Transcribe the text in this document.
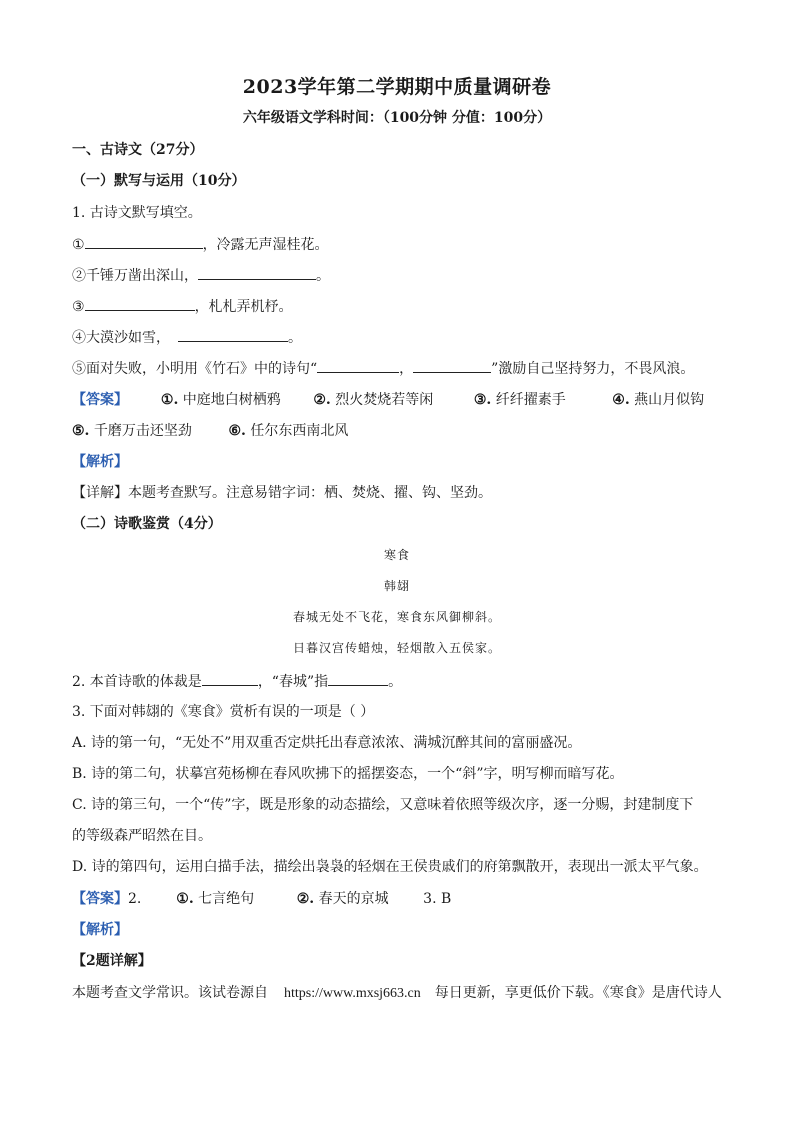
2023学年第二学期期中质量调研卷
六年级语文学科时间：（100分钟 分值：100分）
一、古诗文（27分）
（一）默写与运用（10分）
1. 古诗文默写填空。
①	，冷露无声湿桂花。
②千锤万凿出深山，	。
③	，札札弄机杼。
④大漠沙如雪，	。
⑤面对失败，小明用《竹石》中的诗句“	，	”激励自己坚持努力，不畏风浪。
【答案】 ①. 中庭地白树栖鸦 ②. 烈火焚烧若等闲	③. 纤纤擢素手	④. 燕山月似钩
⑤. 千磨万击还坚劲	⑥. 任尔东西南北风
【解析】
【详解】本题考查默写。注意易错字词：栖、焚烧、擢、钩、坚劲。
（二）诗歌鉴赏（4分）
寒食
韩翃
春城无处不飞花，寒食东风御柳斜。
日暮汉宫传蜡烛，轻烟散入五侯家。
2. 本首诗歌的体裁是	，“春城”指	。
3. 下面对韩翃的《寒食》赏析有误的一项是（ ）
A. 诗的第一句，“无处不”用双重否定烘托出春意浓浓、满城沉醉其间的富丽盛况。
B. 诗的第二句，状摹宫苑杨柳在春风吹拂下的摇摆姿态，一个“斜”字，明写柳而暗写花。
C. 诗的第三句，一个“传”字，既是形象的动态描绘，又意味着依照等级次序，逐一分赐，封建制度下
的等级森严昭然在目。
D. 诗的第四句，运用白描手法，描绘出袅袅的轻烟在王侯贵戚们的府第飘散开，表现出一派太平气象。
【答案】2. ①. 七言绝句	②. 春天的京城 3. B
【解析】
【2题详解】
本题考查文学常识。该试卷源自 https://www.mxsj663.cn 每日更新，享更低价下载。《寒食》是唐代诗人
